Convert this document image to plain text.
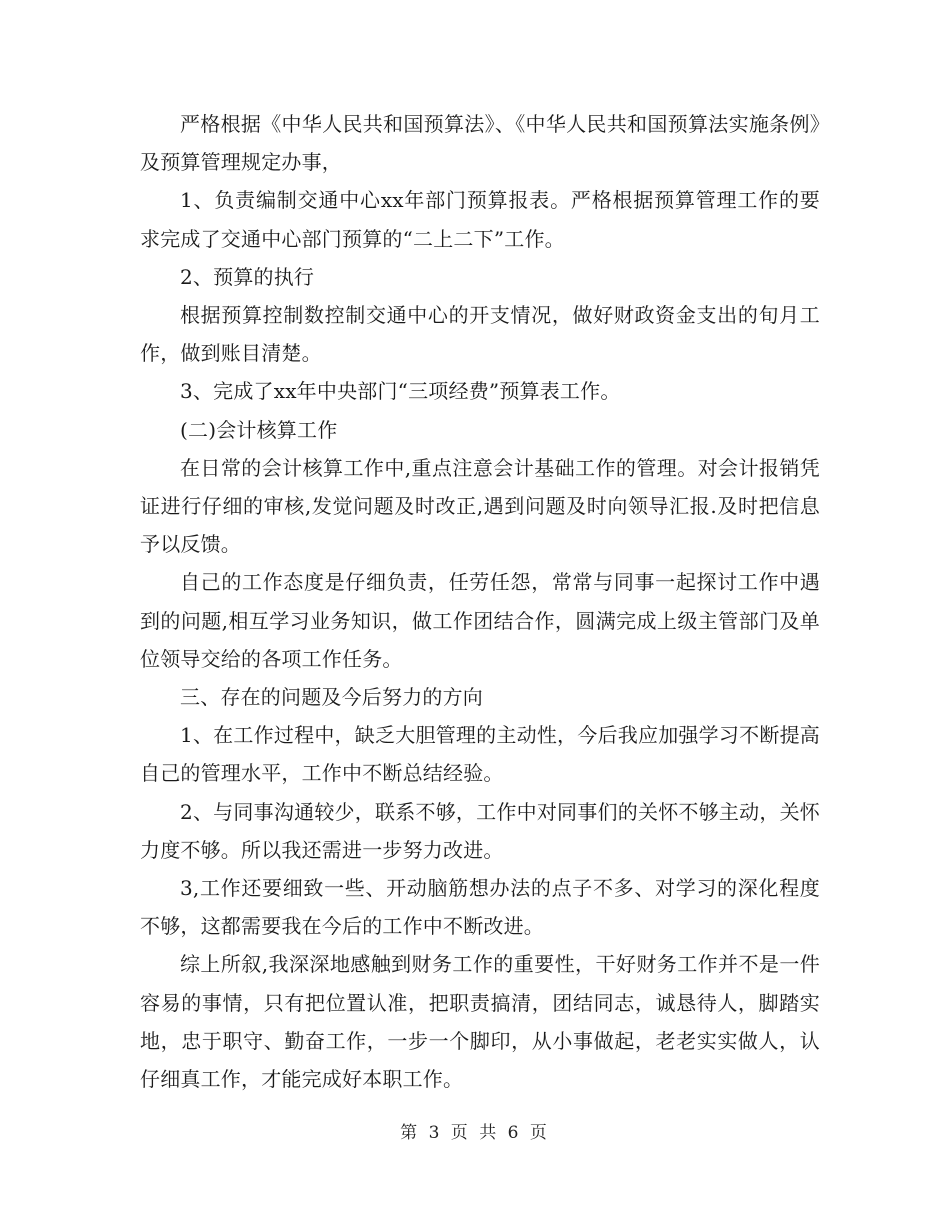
严格根据《中华人民共和国预算法》、《中华人民共和国预算法实施条例》及预算管理规定办事，

1、负责编制交通中心xx年部门预算报表。严格根据预算管理工作的要求完成了交通中心部门预算的“二上二下”工作。

2、预算的执行

根据预算控制数控制交通中心的开支情况，做好财政资金支出的旬月工作，做到账目清楚。

3、完成了xx年中央部门“三项经费”预算表工作。

(二)会计核算工作

在日常的会计核算工作中,重点注意会计基础工作的管理。对会计报销凭证进行仔细的审核,发觉问题及时改正,遇到问题及时向领导汇报.及时把信息予以反馈。

自己的工作态度是仔细负责，任劳任怨，常常与同事一起探讨工作中遇到的问题,相互学习业务知识，做工作团结合作，圆满完成上级主管部门及单位领导交给的各项工作任务。

三、存在的问题及今后努力的方向

1、在工作过程中，缺乏大胆管理的主动性，今后我应加强学习不断提高自己的管理水平，工作中不断总结经验。

2、与同事沟通较少，联系不够，工作中对同事们的关怀不够主动，关怀力度不够。所以我还需进一步努力改进。

3,工作还要细致一些、开动脑筋想办法的点子不多、对学习的深化程度不够，这都需要我在今后的工作中不断改进。

综上所叙,我深深地感触到财务工作的重要性，干好财务工作并不是一件容易的事情，只有把位置认准，把职责搞清，团结同志，诚恳待人，脚踏实地，忠于职守、勤奋工作，一步一个脚印，从小事做起，老老实实做人，认仔细真工作，才能完成好本职工作。

第 3 页 共 6 页
